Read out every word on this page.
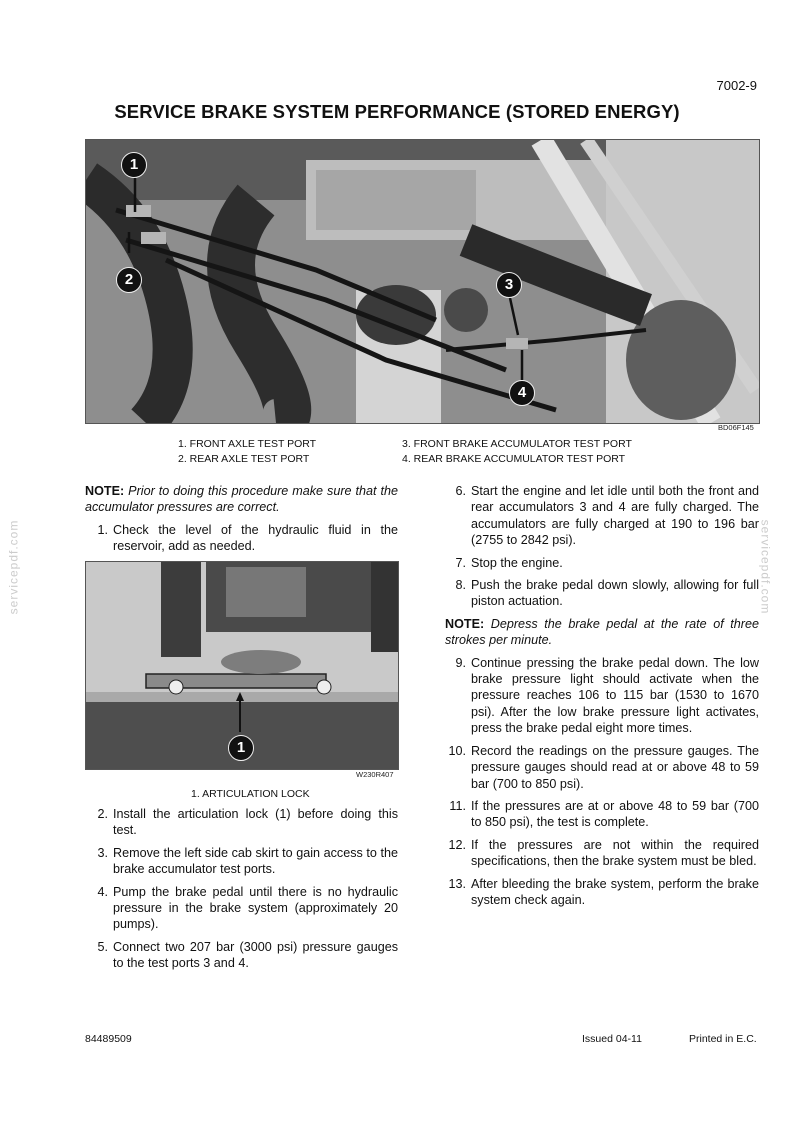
7002-9
SERVICE BRAKE SYSTEM PERFORMANCE (STORED ENERGY)
1
2	3
4
BD06F145
1. FRONT AXLE TEST PORT
2. REAR AXLE TEST PORT
3. FRONT BRAKE ACCUMULATOR TEST PORT
4. REAR BRAKE ACCUMULATOR TEST PORT

NOTE: Prior to doing this procedure make sure that the accumulator pressures are correct.

1. Check the level of the hydraulic fluid in the reservoir, add as needed.
1
W230R407
1. ARTICULATION LOCK
2. Install the articulation lock (1) before doing this test.
3. Remove the left side cab skirt to gain access to the brake accumulator test ports.
4. Pump the brake pedal until there is no hydraulic pressure in the brake system (approximately 20 pumps).
5. Connect two 207 bar (3000 psi) pressure gauges to the test ports 3 and 4.
6. Start the engine and let idle until both the front and rear accumulators 3 and 4 are fully charged. The accumulators are fully charged at 190 to 196 bar (2755 to 2842 psi).
7. Stop the engine.
8. Push the brake pedal down slowly, allowing for full piston actuation.

NOTE: Depress the brake pedal at the rate of three strokes per minute.

9. Continue pressing the brake pedal down. The low brake pressure light should activate when the pressure reaches 106 to 115 bar (1530 to 1670 psi). After the low brake pressure light activates, press the brake pedal eight more times.
10. Record the readings on the pressure gauges. The pressure gauges should read at or above 48 to 59 bar (700 to 850 psi).
11. If the pressures are at or above 48 to 59 bar (700 to 850 psi), the test is complete.
12. If the pressures are not within the required specifications, then the brake system must be bled.
13. After bleeding the brake system, perform the brake system check again.
servicepdf.com	servicepdf.com
84489509	Issued 04-11	Printed in E.C.
